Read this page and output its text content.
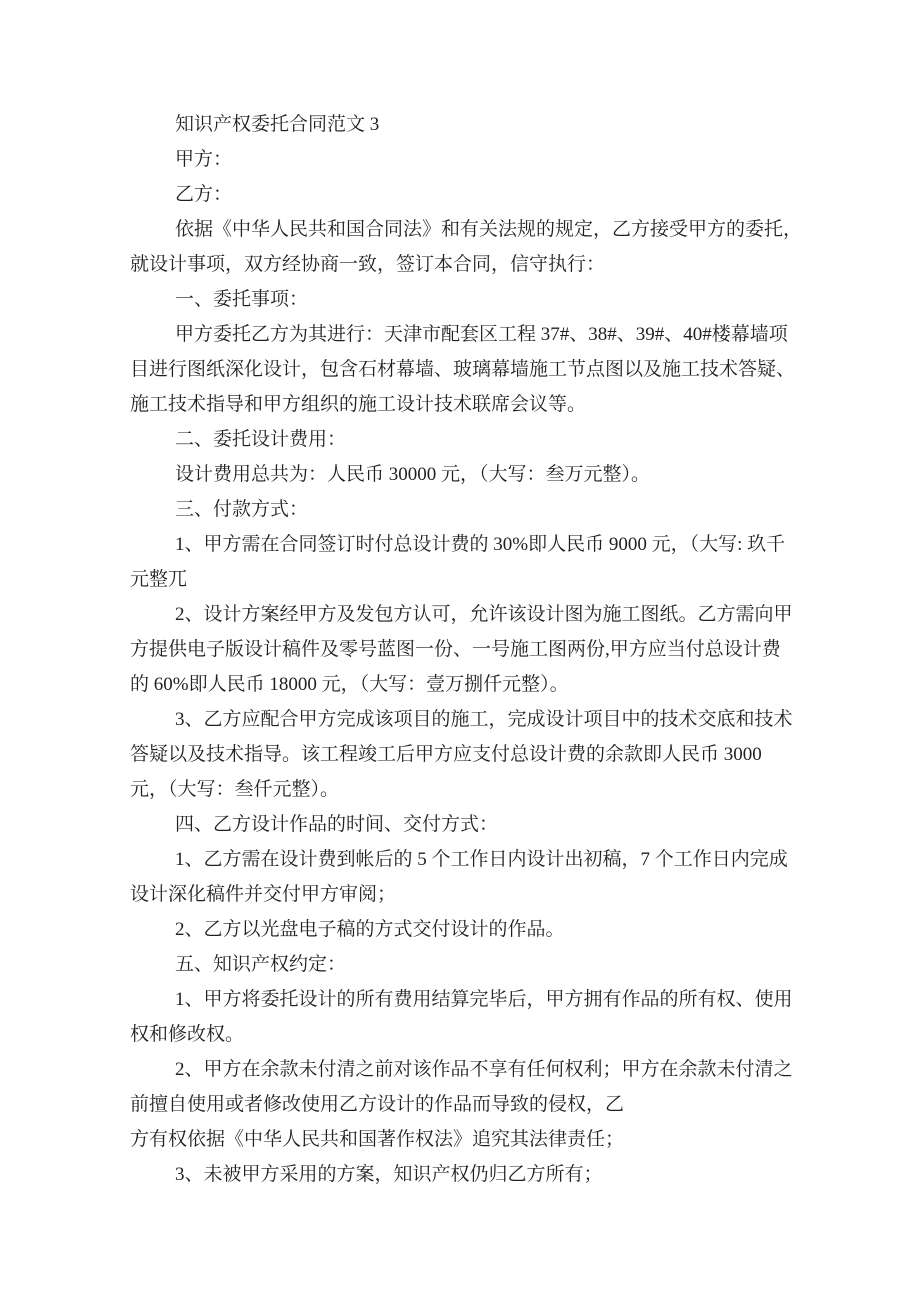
知识产权委托合同范文 3
甲方：
乙方：
依据《中华人民共和国合同法》和有关法规的规定，乙方接受甲方的委托，
就设计事项，双方经协商一致，签订本合同，信守执行：
一、委托事项：
甲方委托乙方为其进行：天津市配套区工程 37#、38#、39#、40#楼幕墙项
目进行图纸深化设计，包含石材幕墙、玻璃幕墙施工节点图以及施工技术答疑、
施工技术指导和甲方组织的施工设计技术联席会议等。
二、委托设计费用：
设计费用总共为：人民币 30000 元，（大写：叁万元整）。
三、付款方式：
1、甲方需在合同签订时付总设计费的 30%即人民币 9000 元，（大写: 玖千
元整兀
2、设计方案经甲方及发包方认可，允许该设计图为施工图纸。乙方需向甲
方提供电子版设计稿件及零号蓝图一份、一号施工图两份,甲方应当付总设计费
的 60%即人民币 18000 元，（大写：壹万捌仟元整）。
3、乙方应配合甲方完成该项目的施工，完成设计项目中的技术交底和技术
答疑以及技术指导。该工程竣工后甲方应支付总设计费的余款即人民币 3000
元，（大写：叁仟元整）。
四、乙方设计作品的时间、交付方式：
1、乙方需在设计费到帐后的 5 个工作日内设计出初稿，7 个工作日内完成
设计深化稿件并交付甲方审阅；
2、乙方以光盘电子稿的方式交付设计的作品。
五、知识产权约定：
1、甲方将委托设计的所有费用结算完毕后，甲方拥有作品的所有权、使用
权和修改权。
2、甲方在余款未付清之前对该作品不享有任何权利；甲方在余款未付清之
前擅自使用或者修改使用乙方设计的作品而导致的侵权，乙
方有权依据《中华人民共和国著作权法》追究其法律责任；
3、未被甲方采用的方案，知识产权仍归乙方所有；
